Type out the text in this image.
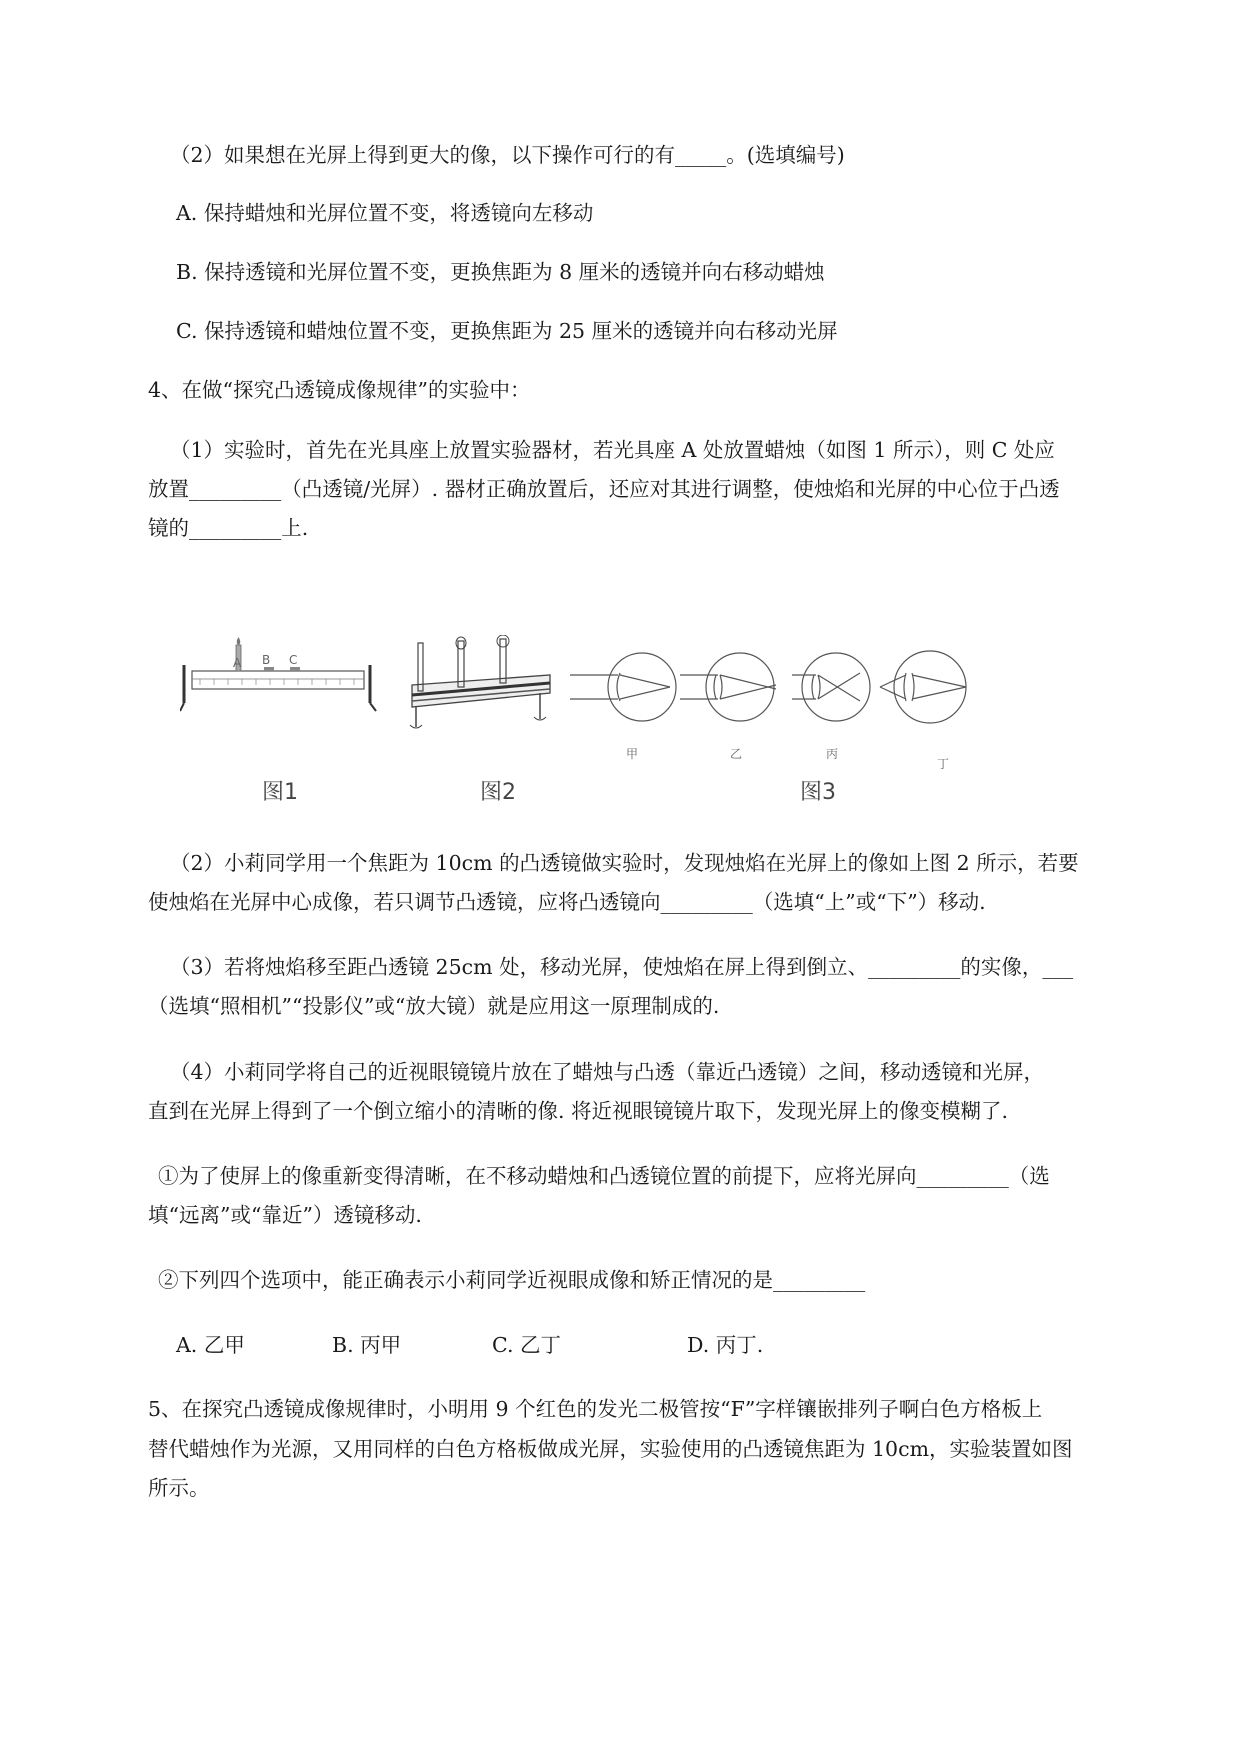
（2）如果想在光屏上得到更大的像，以下操作可行的有_____。(选填编号)
A. 保持蜡烛和光屏位置不变，将透镜向左移动
B. 保持透镜和光屏位置不变，更换焦距为 8 厘米的透镜并向右移动蜡烛
C. 保持透镜和蜡烛位置不变，更换焦距为 25 厘米的透镜并向右移动光屏
4、在做“探究凸透镜成像规律”的实验中：
（1）实验时，首先在光具座上放置实验器材，若光具座 A 处放置蜡烛（如图 1 所示），则 C 处应
放置_________（凸透镜/光屏）. 器材正确放置后，还应对其进行调整，使烛焰和光屏的中心位于凸透
镜的_________上.
A B C
图1	图2
甲	乙	丙
丁
图3
（2）小莉同学用一个焦距为 10cm 的凸透镜做实验时，发现烛焰在光屏上的像如上图 2 所示，若要
使烛焰在光屏中心成像，若只调节凸透镜，应将凸透镜向_________（选填“上”或“下”）移动.
（3）若将烛焰移至距凸透镜 25cm 处，移动光屏，使烛焰在屏上得到倒立、_________的实像，___
（选填“照相机”“投影仪”或“放大镜）就是应用这一原理制成的.
（4）小莉同学将自己的近视眼镜镜片放在了蜡烛与凸透（靠近凸透镜）之间，移动透镜和光屏，
直到在光屏上得到了一个倒立缩小的清晰的像. 将近视眼镜镜片取下，发现光屏上的像变模糊了.
①为了使屏上的像重新变得清晰，在不移动蜡烛和凸透镜位置的前提下，应将光屏向_________（选
填“远离”或“靠近”）透镜移动.
②下列四个选项中，能正确表示小莉同学近视眼成像和矫正情况的是_________
A. 乙甲	B. 丙甲	C. 乙丁	D. 丙丁.
5、在探究凸透镜成像规律时，小明用 9 个红色的发光二极管按“F”字样镶嵌排列子啊白色方格板上
替代蜡烛作为光源，又用同样的白色方格板做成光屏，实验使用的凸透镜焦距为 10cm，实验装置如图
所示。
